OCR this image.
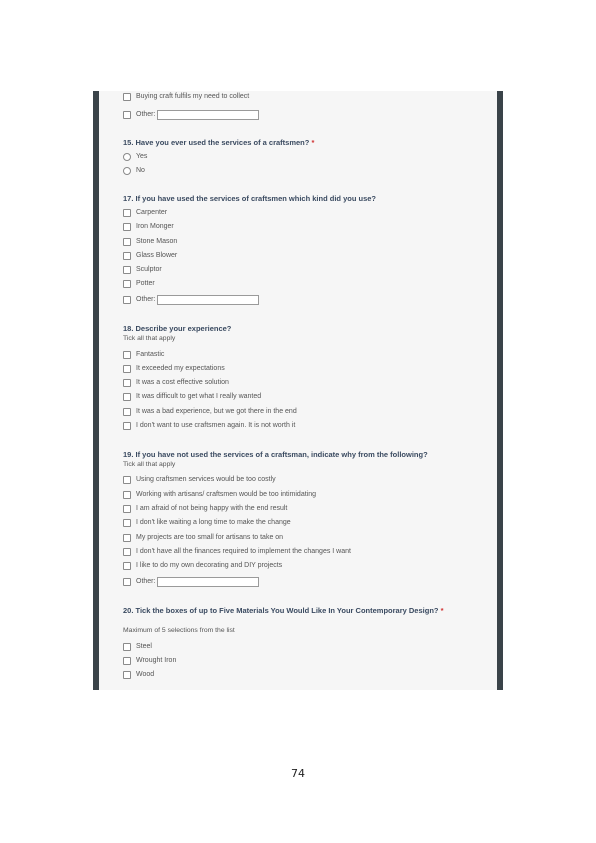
Buying craft fulfils my need to collect
Other:
15. Have you ever used the services of a craftsmen? *
Yes
No
17. If you have used the services of craftsmen which kind did you use?
Carpenter
Iron Monger
Stone Mason
Glass Blower
Sculptor
Potter
Other:
18. Describe your experience?
Tick all that apply
Fantastic
It exceeded my expectations
It was a cost effective solution
It was difficult to get what I really wanted
It was a bad experience, but we got there in the end
I don't want to use craftsmen again. It is not worth it
19. If you have not used the services of a craftsman, indicate why from the following?
Tick all that apply
Using craftsmen services would be too costly
Working with artisans/ craftsmen would be too intimidating
I am afraid of not being happy with the end result
I don't like waiting a long time to make the change
My projects are too small for artisans to take on
I don't have all the finances required to implement the changes I want
I like to do my own decorating and DIY projects
Other:
20. Tick the boxes of up to Five Materials You Would Like In Your Contemporary Design? *
Maximum of 5 selections from the list
Steel
Wrought Iron
Wood
74
